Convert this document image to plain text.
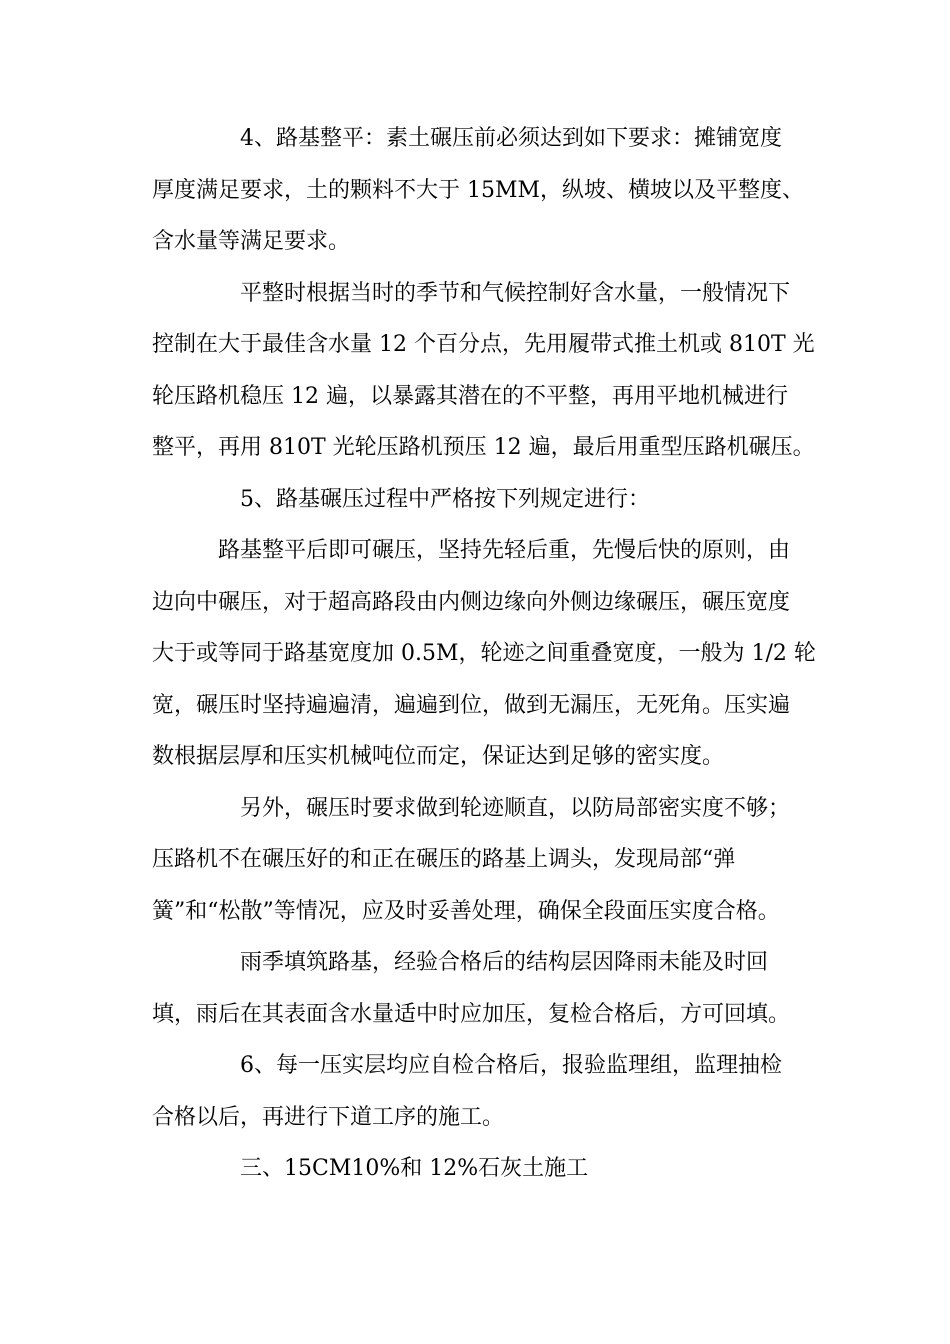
4、路基整平：素土碾压前必须达到如下要求：摊铺宽度
厚度满足要求，土的颗料不大于 15MM，纵坡、横坡以及平整度、
含水量等满足要求。

平整时根据当时的季节和气候控制好含水量，一般情况下
控制在大于最佳含水量 12 个百分点，先用履带式推土机或 810T 光
轮压路机稳压 12 遍，以暴露其潜在的不平整，再用平地机械进行
整平，再用 810T 光轮压路机预压 12 遍，最后用重型压路机碾压。

5、路基碾压过程中严格按下列规定进行：

路基整平后即可碾压，坚持先轻后重，先慢后快的原则，由
边向中碾压，对于超高路段由内侧边缘向外侧边缘碾压，碾压宽度
大于或等同于路基宽度加 0.5M，轮迹之间重叠宽度，一般为 1/2 轮
宽，碾压时坚持遍遍清，遍遍到位，做到无漏压，无死角。压实遍
数根据层厚和压实机械吨位而定，保证达到足够的密实度。

另外，碾压时要求做到轮迹顺直，以防局部密实度不够；
压路机不在碾压好的和正在碾压的路基上调头，发现局部“弹
簧”和“松散”等情况，应及时妥善处理，确保全段面压实度合格。

雨季填筑路基，经验合格后的结构层因降雨未能及时回
填，雨后在其表面含水量适中时应加压，复检合格后，方可回填。

6、每一压实层均应自检合格后，报验监理组，监理抽检
合格以后，再进行下道工序的施工。

三、15CM10%和 12%石灰土施工
